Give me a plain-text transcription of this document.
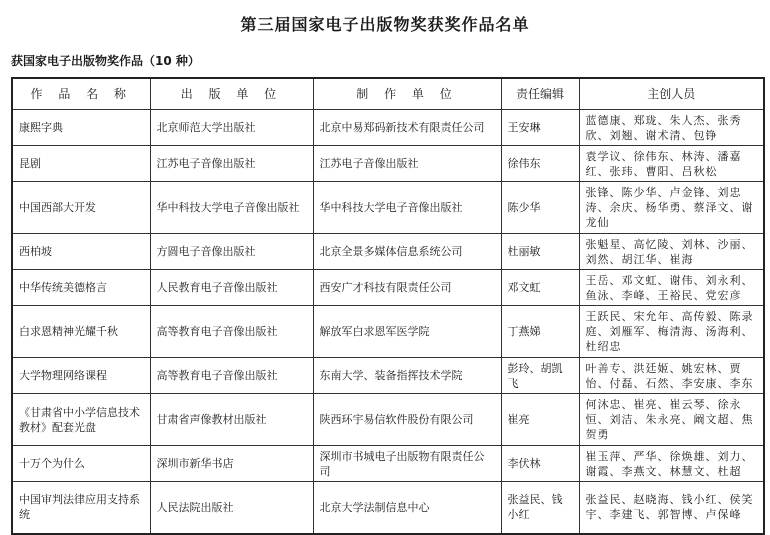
第三届国家电子出版物奖获奖作品名单
获国家电子出版物奖作品（10 种）
作 品 名 称	出 版 单 位	制 作 单 位	责任编辑	主创人员
康熙字典	北京师范大学出版社	北京中易郑码新技术有限责任公司	王安琳	蓝德康、郑珑、朱人杰、张秀欣、刘翘、谢术清、包铮
昆剧	江苏电子音像出版社	江苏电子音像出版社	徐伟东	袁学议、徐伟东、林涛、潘嘉红、张玮、曹阳、吕秋松
中国西部大开发	华中科技大学电子音像出版社	华中科技大学电子音像出版社	陈少华	张锋、陈少华、卢金锋、刘忠涛、余庆、杨华勇、蔡泽文、谢龙仙
西柏坡	方圆电子音像出版社	北京全景多媒体信息系统公司	杜丽敏	张魁星、高忆陵、刘林、沙丽、刘然、胡江华、崔海
中华传统美德格言	人民教育电子音像出版社	西安广才科技有限责任公司	邓文虹	王岳、邓文虹、谢伟、刘永利、鱼泳、李峰、王裕民、党宏彦
白求恩精神光耀千秋	高等教育电子音像出版社	解放军白求恩军医学院	丁燕娣	王跃民、宋允年、高传毅、陈录庭、刘雁军、梅清海、汤海利、杜绍忠
大学物理网络课程	高等教育电子音像出版社	东南大学、装备指挥技术学院	彭玲、胡凯飞	叶善专、洪廷姬、姚宏林、贾怡、付磊、石然、李安康、李东
《甘肃省中小学信息技术教材》配套光盘	甘肃省声像教材出版社	陕西环宇易信软件股份有限公司	崔亮	何沐忠、崔亮、崔云琴、徐永恒、刘洁、朱永亮、阚文超、焦贺勇
十万个为什么	深圳市新华书店	深圳市书城电子出版物有限责任公司	李伏林	崔玉萍、严华、徐焕雄、刘力、谢霞、李燕文、林慧文、杜超
中国审判法律应用支持系统	人民法院出版社	北京大学法制信息中心	张益民、钱小红	张益民、赵晓海、钱小红、侯笑宇、李建飞、郭智博、卢保峰
